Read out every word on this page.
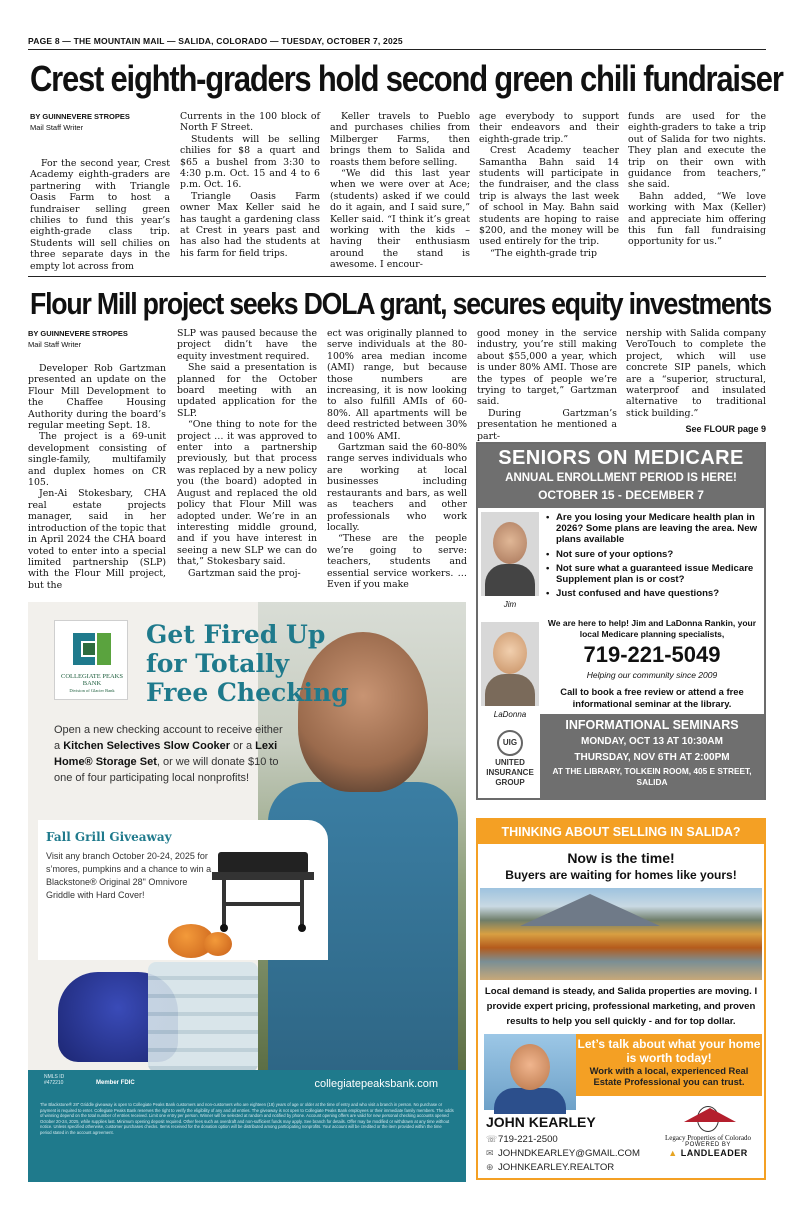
PAGE 8 — THE MOUNTAIN MAIL — SALIDA, COLORADO — TUESDAY, OCTOBER 7, 2025
Crest eighth-graders hold second green chili fundraiser
BY GUINNEVERE STROPES
Mail Staff Writer

For the second year, Crest Academy eighth-graders are partnering with Triangle Oasis Farm to host a fundraiser selling green chilies to fund this year’s eighth-grade class trip. Students will sell chilies on three separate days in the empty lot across from

Currents in the 100 block of North F Street.

Students will be selling chilies for $8 a quart and $65 a bushel from 3:30 to 4:30 p.m. Oct. 15 and 4 to 6 p.m. Oct. 16.

Triangle Oasis Farm owner Max Keller said he has taught a gardening class at Crest in years past and has also had the students at his farm for field trips.

Keller travels to Pueblo and purchases chilies from Milberger Farms, then brings them to Salida and roasts them before selling.

“We did this last year when we were over at Ace; (students) asked if we could do it again, and I said sure,” Keller said. “I think it’s great working with the kids – having their enthusiasm around the stand is awesome. I encour-

age everybody to support their endeavors and their eighth-grade trip.”

Crest Academy teacher Samantha Bahn said 14 students will participate in the fundraiser, and the class trip is always the last week of school in May. Bahn said students are hoping to raise $200, and the money will be used entirely for the trip.

“The eighth-grade trip

funds are used for the eighth-graders to take a trip out of Salida for two nights. They plan and execute the trip on their own with guidance from teachers,” she said.

Bahn added, “We love working with Max (Keller) and appreciate him offering this fun fall fundraising opportunity for us.”

Flour Mill project seeks DOLA grant, secures equity investments
BY GUINNEVERE STROPES
Mail Staff Writer

Developer Rob Gartzman presented an update on the Flour Mill Development to the Chaffee Housing Authority during the board’s regular meeting Sept. 18.

The project is a 69-unit development consisting of single-family, multifamily and duplex homes on CR 105.

Jen-Ai Stokesbary, CHA real estate projects manager, said in her introduction of the topic that in April 2024 the CHA board voted to enter into a special limited partnership (SLP) with the Flour Mill project, but the

SLP was paused because the project didn’t have the equity investment required.

She said a presentation is planned for the October board meeting with an updated application for the SLP.

“One thing to note for the project … it was approved to enter into a partnership previously, but that process was replaced by a new policy you (the board) adopted in August and replaced the old policy that Flour Mill was adopted under. We’re in an interesting middle ground, and if you have interest in seeing a new SLP we can do that,” Stokesbary said.

Gartzman said the proj-

ect was originally planned to serve individuals at the 80-100% area median income (AMI) range, but because those numbers are increasing, it is now looking to also fulfill AMIs of 60-80%. All apartments will be deed restricted between 30% and 100% AMI.

Gartzman said the 60-80% range serves individuals who are working at local businesses including restaurants and bars, as well as teachers and other professionals who work locally.

“These are the people we’re going to serve: teachers, students and essential service workers. … Even if you make

good money in the service industry, you’re still making about $55,000 a year, which is under 80% AMI. Those are the types of people we’re trying to target,” Gartzman said.

During Gartzman’s presentation he mentioned a part-

nership with Salida company VeroTouch to complete the project, which will use concrete SIP panels, which are a “superior, structural, waterproof and insulated alternative to traditional stick building.”

See FLOUR page 9
COLLEGIATE PEAKS BANK
Division of Glacier Bank
Get Fired Up
for Totally
Free Checking
Open a new checking account to receive either a Kitchen Selectives Slow Cooker or a Lexi Home® Storage Set, or we will donate $10 to one of four participating local nonprofits!
Fall Grill Giveaway
Visit any branch October 20-24, 2025 for s’mores, pumpkins and a chance to win a Blackstone® Original 28" Omnivore Griddle with Hard Cover!
NMLS ID #472210	Member FDIC	collegiatepeaksbank.com
The Blackstone® 28" Griddle giveaway is open to Collegiate Peaks Bank customers and non-customers who are eighteen (18) years of age or older at the time of entry and who visit a branch in person. No purchase or payment is required to enter. Collegiate Peaks Bank reserves the right to verify the eligibility of any and all entries. The giveaway is not open to Collegiate Peaks Bank employees or their immediate family members. The odds of winning depend on the total number of entries received. Limit one entry per person. Winner will be selected at random and notified by phone. Account opening offers are valid for new personal checking accounts opened October 20-24, 2025, while supplies last. Minimum opening deposit required. Other fees such as overdraft and non-sufficient funds may apply. See branch for details. Offer may be modified or withdrawn at any time without notice. Unless specified otherwise, customer purchases checks. Items received for the donation option will be distributed among participating nonprofits. Your account will be credited or the item provided within the time period stated in the account agreement.
SENIORS ON MEDICARE
ANNUAL ENROLLMENT PERIOD IS HERE!
OCTOBER 15 - DECEMBER 7
Jim
LaDonna
• Are you losing your Medicare health plan in 2026? Some plans are leaving the area. New plans available
• Not sure of your options?
• Not sure what a guaranteed issue Medicare Supplement plan is or cost?
• Just confused and have questions?
We are here to help! Jim and LaDonna Rankin, your local Medicare planning specialists,
719-221-5049
Helping our community since 2009
Call to book a free review or attend a free informational seminar at the library.
INFORMATIONAL SEMINARS
MONDAY, OCT 13 AT 10:30AM
THURSDAY, NOV 6TH AT 2:00PM
AT THE LIBRARY, TOLKEIN ROOM, 405 E STREET, SALIDA
UIG
UNITED
INSURANCE
GROUP
THINKING ABOUT SELLING IN SALIDA?
Now is the time!
Buyers are waiting for homes like yours!
Local demand is steady, and Salida properties are moving. I provide expert pricing, professional marketing, and proven results to help you sell quickly - and for top dollar.
Let’s talk about what your home is worth today!
Work with a local, experienced Real Estate Professional you can trust.
JOHN KEARLEY
☏719-221-2500
✉ JOHNDKEARLEY@GMAIL.COM
⊕ JOHNKEARLEY.REALTOR
LP
Legacy Properties of Colorado
POWERED BY
▲ LANDLEADER
